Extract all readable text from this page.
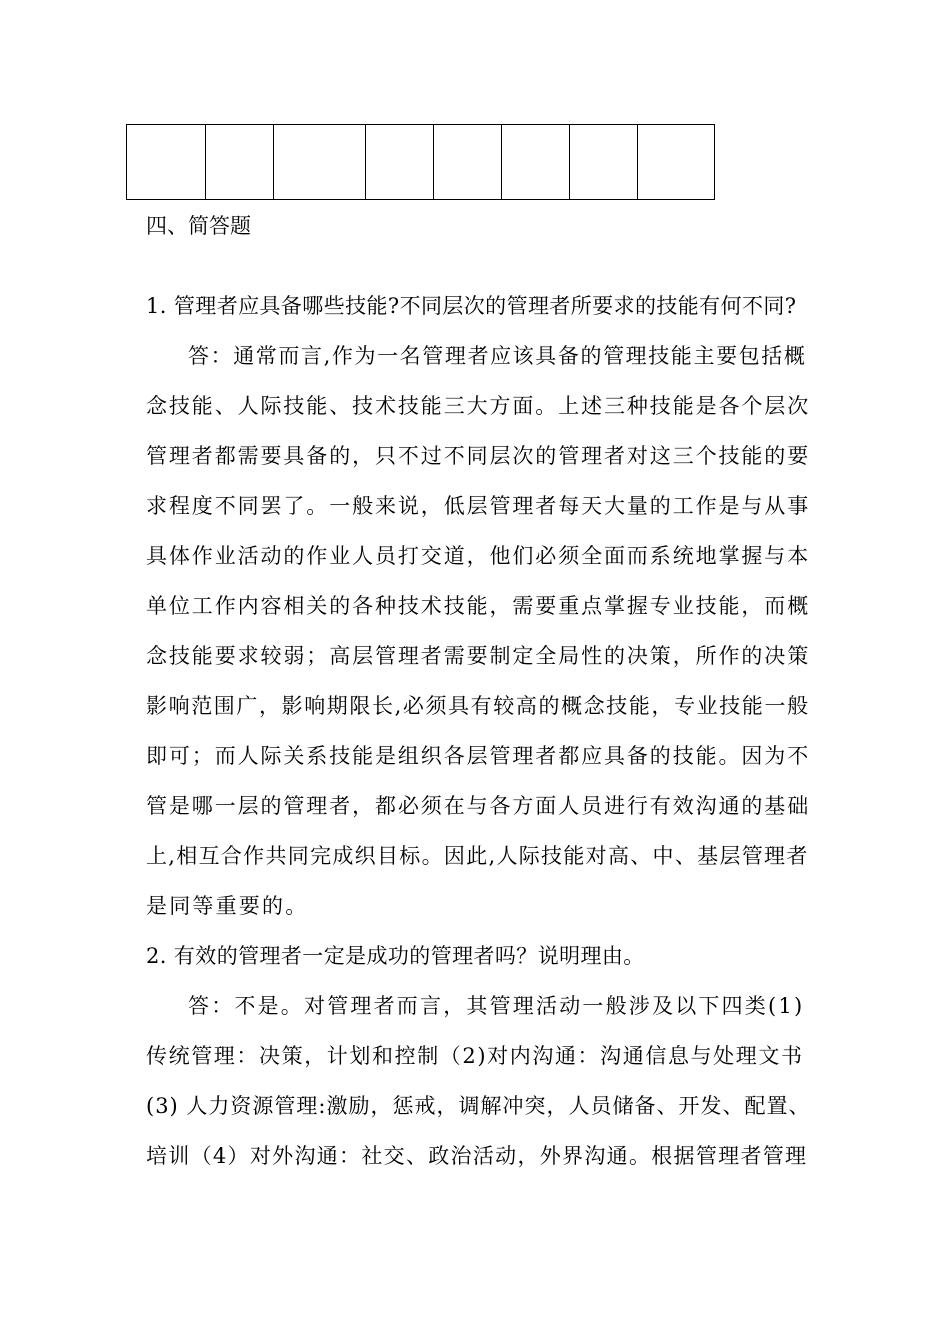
四、简答题
1. 管理者应具备哪些技能?不同层次的管理者所要求的技能有何不同?
答：通常而言,作为一名管理者应该具备的管理技能主要包括概
念技能、人际技能、技术技能三大方面。上述三种技能是各个层次
管理者都需要具备的，只不过不同层次的管理者对这三个技能的要
求程度不同罢了。一般来说，低层管理者每天大量的工作是与从事
具体作业活动的作业人员打交道，他们必须全面而系统地掌握与本
单位工作内容相关的各种技术技能，需要重点掌握专业技能，而概
念技能要求较弱；高层管理者需要制定全局性的决策，所作的决策
影响范围广，影响期限长,必须具有较高的概念技能，专业技能一般
即可；而人际关系技能是组织各层管理者都应具备的技能。因为不
管是哪一层的管理者，都必须在与各方面人员进行有效沟通的基础
上,相互合作共同完成织目标。因此,人际技能对高、中、基层管理者
是同等重要的。
2. 有效的管理者一定是成功的管理者吗？说明理由。
答：不是。对管理者而言，其管理活动一般涉及以下四类(1)
传统管理：决策，计划和控制（2)对内沟通：沟通信息与处理文书
(3) 人力资源管理:激励，惩戒，调解冲突，人员储备、开发、配置、
培训（4）对外沟通：社交、政治活动，外界沟通。根据管理者管理
